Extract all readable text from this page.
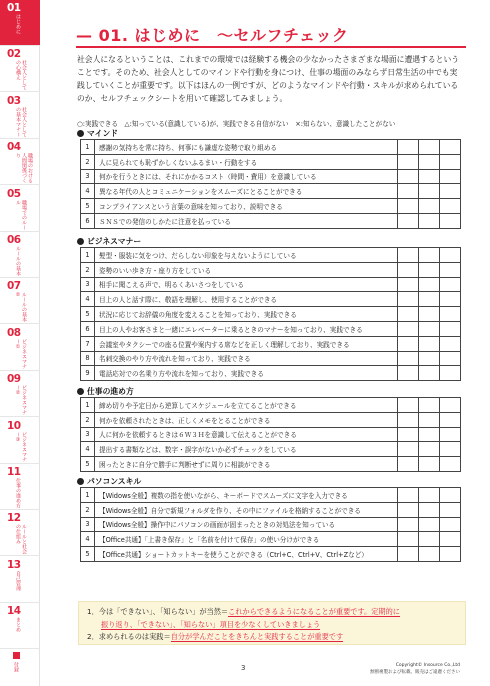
01
はじめに
02
社会人としての心構え
03
社会人としての基本マナー
04
職場のおける人間関係づくり
05
職場でのルール
06
ルールの基本
07
ルールの基本②
08
ビジネスマナー①
09
ビジネスマナー②
10
ビジネスマナー③
11
仕事の進め方
12
ルールと社会の仕組み
13
自己管理
14
まとめ
付録
— 01. はじめに　～セルフチェック
社会人になるということは、これまでの環境では経験する機会の少なかったさまざまな場面に遭遇するということです。そのため、社会人としてのマインドや行動を身につけ、仕事の場面のみならず日常生活の中でも実践していくことが重要です。以下はほんの一例ですが、どのようなマインドや行動・スキルが求められているのか、セルフチェックシートを用いて確認してみましょう。
○:実践できる　△:知っている(意識している)が、実践できる自信がない　×:知らない、意識したことがない
マインド
1	感謝の気持ちを常に持ち、何事にも謙虚な姿勢で取り組める			
2	人に見られても恥ずかしくないふるまい・行動をする			
3	何かを行うときには、それにかかるコスト（時間・費用）を意識している			
4	異なる年代の人とコミュニケーションをスムーズにとることができる			
5	コンプライアンスという言葉の意味を知っており、説明できる			
6	ＳＮＳでの発信のしかたに注意を払っている			
ビジネスマナー
1	髪型・服装に気をつけ、だらしない印象を与えないようにしている			
2	姿勢のいい歩き方・座り方をしている			
3	相手に聞こえる声で、明るくあいさつをしている			
4	目上の人と話す際に、敬語を理解し、使用することができる			
5	状況に応じてお辞儀の角度を変えることを知っており、実践できる			
6	目上の人やお客さまと一緒にエレベーターに乗るときのマナーを知っており、実践できる			
7	会議室やタクシーでの座る位置や案内する席などを正しく理解しており、実践できる			
8	名刺交換のやり方や流れを知っており、実践できる			
9	電話応対での名乗り方や流れを知っており、実践できる			
仕事の進め方
1	締め切りや予定日から逆算してスケジュールを立てることができる			
2	何かを依頼されたときは、正しくメモをとることができる			
3	人に何かを依頼するときは６Ｗ３Ｈを意識して伝えることができる			
4	提出する書類などは、数字・誤字がないか必ずチェックをしている			
5	困ったときに自分で勝手に判断せずに周りに相談ができる			
パソコンスキル
1	【Widows全般】複数の指を使いながら、キーボードでスムーズに文字を入力できる			
2	【Widows全般】自分で新規フォルダを作り、その中にファイルを格納することができる			
3	【Widows全般】操作中にパソコンの画面が固まったときの対処法を知っている			
4	【Office共通】「上書き保存」と「名前を付けて保存」の使い分けができる			
5	【Office共通】ショートカットキーを使うことができる（Ctrl+C、Ctrl+V、Ctrl+Zなど）			
1．今は「できない」、「知らない」が当然＝これからできるようになることが重要です。定期的に
振り返り、「できない」、「知らない」項目を少なくしていきましょう
2．求められるのは実践＝自分が学んだことをきちんと実践することが重要です
3	Copyright© Insource Co.,Ltd
無断複製および転載、販売はご遠慮ください
